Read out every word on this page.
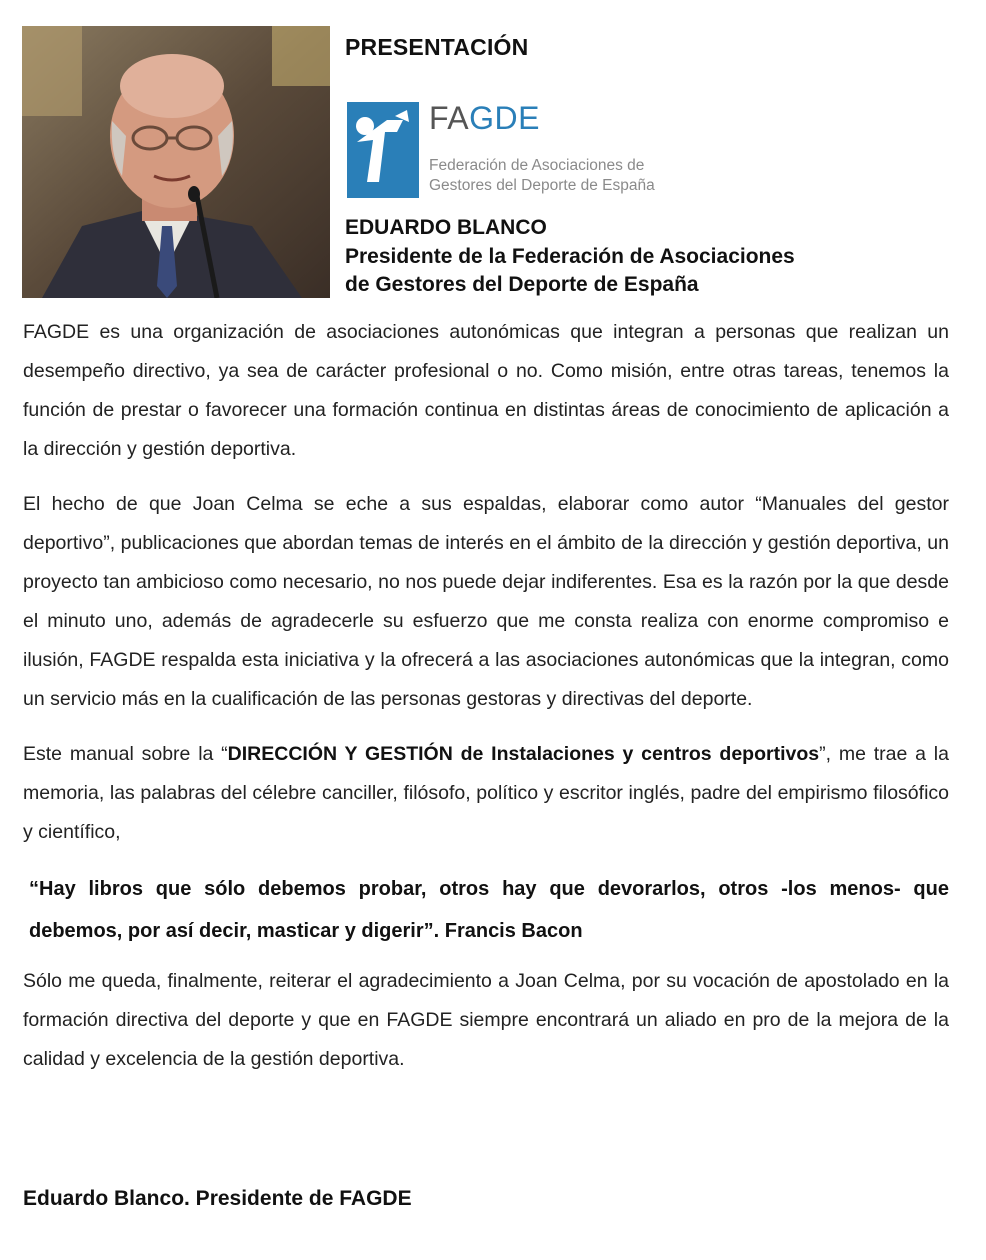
PRESENTACIÓN
FAGDE
Federación de Asociaciones de
Gestores del Deporte de España
EDUARDO BLANCO
Presidente de la Federación de Asociaciones
de Gestores del Deporte de España

FAGDE es una organización de asociaciones autonómicas que integran a personas que realizan un desempeño directivo, ya sea de carácter profesional o no. Como misión, entre otras tareas, tenemos la función de prestar o favorecer una formación continua en distintas áreas de conocimiento de aplicación a la dirección y gestión deportiva.

El hecho de que Joan Celma se eche a sus espaldas, elaborar como autor “Manuales del gestor deportivo”, publicaciones que abordan temas de interés en el ámbito de la dirección y gestión deportiva, un proyecto tan ambicioso como necesario, no nos puede dejar indiferentes. Esa es la razón por la que desde el minuto uno, además de agradecerle su esfuerzo que me consta realiza con enorme compromiso e ilusión, FAGDE respalda esta iniciativa y la ofrecerá a las asociaciones autonómicas que la integran, como un servicio más en la cualificación de las personas gestoras y directivas del deporte.

Este manual sobre la “DIRECCIÓN Y GESTIÓN de Instalaciones y centros deportivos”, me trae a la memoria, las palabras del célebre canciller, filósofo, político y escritor inglés, padre del empirismo filosófico y científico,

“Hay libros que sólo debemos probar, otros hay que devorarlos, otros -los menos- que debemos, por así decir, masticar y digerir”. Francis Bacon

Sólo me queda, finalmente, reiterar el agradecimiento a Joan Celma, por su vocación de apostolado en la formación directiva del deporte y que en FAGDE siempre encontrará un aliado en pro de la mejora de la calidad y excelencia de la gestión deportiva.

Eduardo Blanco. Presidente de FAGDE
